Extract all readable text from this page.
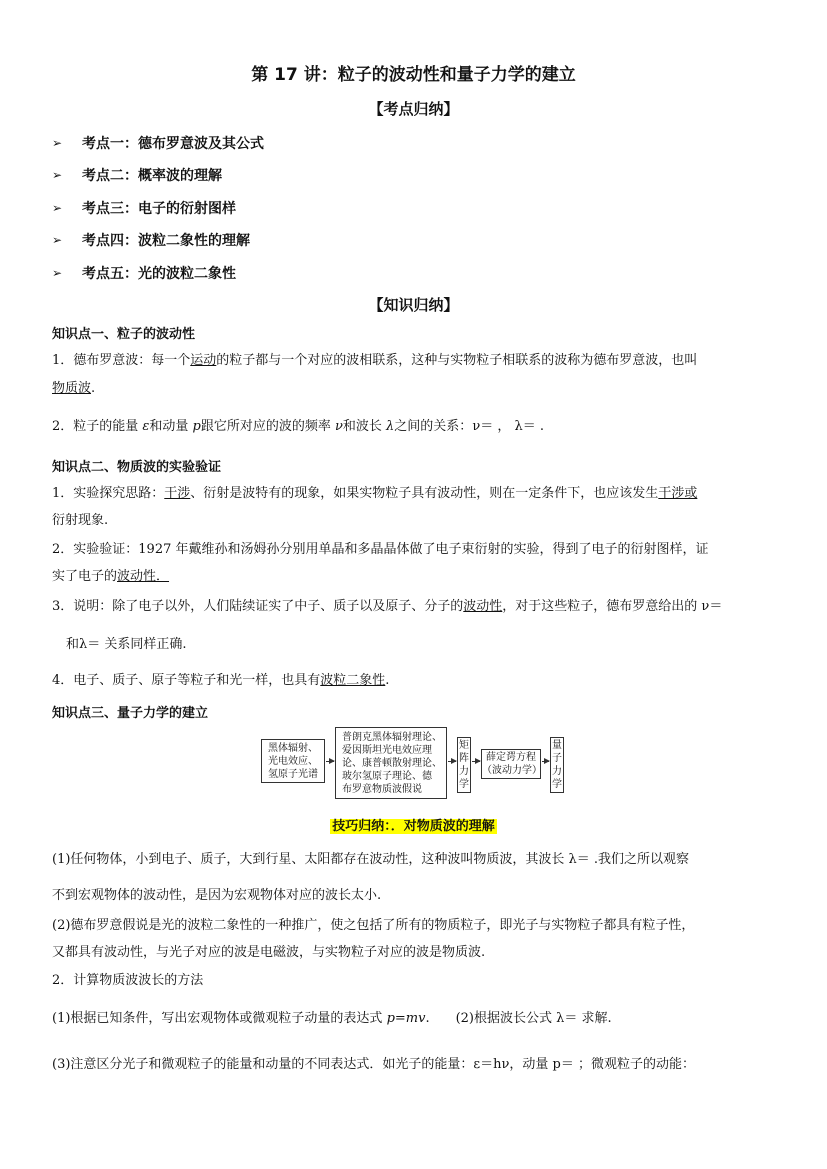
第 17 讲：粒子的波动性和量子力学的建立
【考点归纳】
➢	考点一：德布罗意波及其公式
➢	考点二：概率波的理解
➢	考点三：电子的衍射图样
➢	考点四：波粒二象性的理解
➢	考点五：光的波粒二象性
【知识归纳】
知识点一、粒子的波动性
1．德布罗意波：每一个运动的粒子都与一个对应的波相联系，这种与实物粒子相联系的波称为德布罗意波，也叫
物质波.
2．粒子的能量 ε和动量 p跟它所对应的波的频率 ν和波长 λ之间的关系：ν＝ ， λ＝ .
知识点二、物质波的实验验证
1．实验探究思路：干涉、衍射是波特有的现象，如果实物粒子具有波动性，则在一定条件下，也应该发生干涉或
衍射现象.
2．实验验证：1927 年戴维孙和汤姆孙分别用单晶和多晶晶体做了电子束衍射的实验，得到了电子的衍射图样，证
实了电子的波动性．
3．说明：除了电子以外，人们陆续证实了中子、质子以及原子、分子的波动性，对于这些粒子，德布罗意给出的 ν＝
和λ＝ 关系同样正确.
4．电子、质子、原子等粒子和光一样，也具有波粒二象性.
知识点三、量子力学的建立
黑体辐射、
光电效应、
氢原子光谱
普朗克黑体辐射理论、
爱因斯坦光电效应理
论、康普顿散射理论、
玻尔氢原子理论、德
布罗意物质波假说
矩
阵
力
学
薛定谔方程
（波动力学）
量
子
力
学
技巧归纳：．对物质波的理解
(1)任何物体，小到电子、质子，大到行星、太阳都存在波动性，这种波叫物质波，其波长 λ＝ .我们之所以观察
不到宏观物体的波动性，是因为宏观物体对应的波长太小.
(2)德布罗意假说是光的波粒二象性的一种推广，使之包括了所有的物质粒子，即光子与实物粒子都具有粒子性，
又都具有波动性，与光子对应的波是电磁波，与实物粒子对应的波是物质波.
2．计算物质波波长的方法
(1)根据已知条件，写出宏观物体或微观粒子动量的表达式 p=mv. (2)根据波长公式 λ＝ 求解.
(3)注意区分光子和微观粒子的能量和动量的不同表达式．如光子的能量：ε＝hν，动量 p＝ ；微观粒子的动能：
